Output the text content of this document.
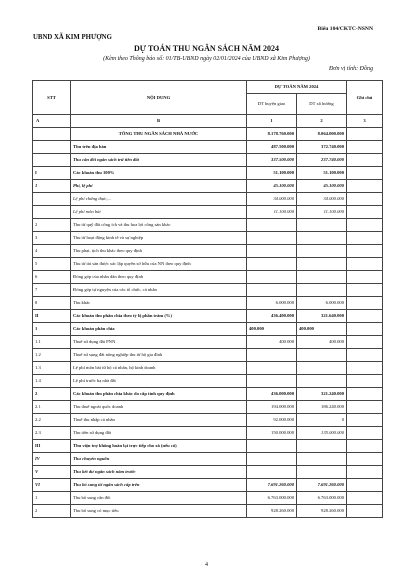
Biểu 104/CKTC-NSNN
UBND XÃ KIM PHƯỢNG
DỰ TOÁN THU NGÂN SÁCH NĂM 2024
(Kèm theo Thông báo số: 01/TB-UBND ngày 02/01/2024 của UBND xã Kim Phượng)
Đơn vị tính: Đồng
STT	NỘI DUNG	DỰ TOÁN NĂM 2024		Ghi chú
		DT huyện giao	DT xã hướng	
A	B	1	2	3
	TỔNG THU NGÂN SÁCH NHÀ NƯỚC	8.178.760.000	8.064.000.000	
	Thu trên địa bàn	487.500.000	372.740.000	
	Thu cân đối ngân sách trừ tiền đất	337.500.000	237.740.000	
I	Các khoản thu 100%	51.100.000	51.100.000	
1	Phí, lệ phí	45.100.000	45.100.000	
	Lệ phí chứng thực,...	34.000.000	34.000.000	
	Lệ phí môn bài	11.100.000	11.100.000	
2	Thu từ quỹ đất công ích và thu hoa lợi công sản khác			
3	Thu từ hoạt động kinh tế và sự nghiệp			
4	Thu phạt, tịch thu khác theo quy định			
5	Thu từ tài sản được xác lập quyền sở hữu của NN theo quy định			
6	Đóng góp của nhân dân theo quy định			
7	Đóng góp tự nguyện của các tổ chức, cá nhân			
8	Thu khác	6.000.000	6.000.000	
II	Các khoản thu phân chia theo tỷ lệ phần trăm (%)	436.400.000	321.640.000	
1	Các khoản phân chia	400.000	400.000	
1.1	Thuế sử dụng đất PNN	400.000	400.000	
1.2	Thuế sử sụng đất nông nghiệp thu từ hộ gia đình			
1.3	Lệ phí môn bài từ hộ cá nhân, hộ kinh doanh			
1.4	Lệ phí trước bạ nhà đất			
2	Các khoản thu phân chia khác do cấp tỉnh quy định	436.000.000	321.240.000	
2.1	Thu thuế ngoài quốc doanh	194.000.000	186.240.000	
2.2	Thuế thu nhập cá nhân	92.000.000	0	
2.3	Thu tiền sử dụng đất	150.000.000	135.000.000	
III	Thu viện trợ không hoàn lại trực tiếp cho xã (nếu có)			
IV	Thu chuyển nguồn			
V	Thu kết dư ngân sách năm trước			
VI	Thu bổ sung từ ngân sách cấp trên	7.691.260.000	7.691.260.000	
1	Thu bổ sung cân đối	6.763.000.000	6.763.000.000	
2	Thu bổ sung có mục tiêu	928.260.000	928.260.000	
4
